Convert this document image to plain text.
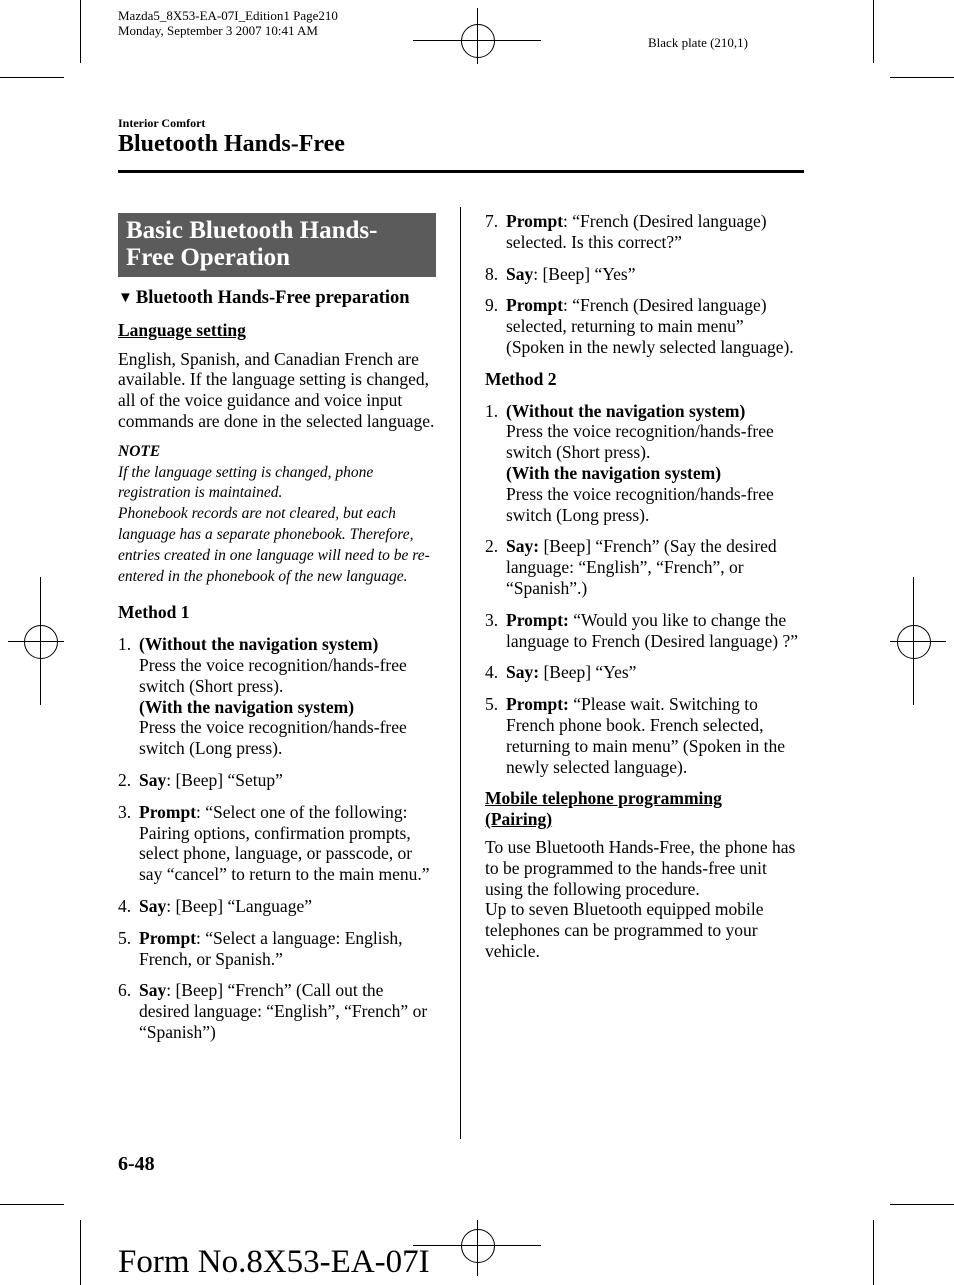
Mazda5_8X53-EA-07I_Edition1 Page210
Monday, September 3 2007 10:41 AM
Black plate (210,1)
Interior Comfort
Bluetooth Hands-Free
Basic Bluetooth Hands-
Free Operation
▼ Bluetooth Hands-Free preparation

Language setting

English, Spanish, and Canadian French are available. If the language setting is changed, all of the voice guidance and voice input commands are done in the selected language.

NOTE

If the language setting is changed, phone registration is maintained.

Phonebook records are not cleared, but each language has a separate phonebook. Therefore, entries created in one language will need to be re-entered in the phonebook of the new language.

Method 1

1. (Without the navigation system)
Press the voice recognition/hands-free switch (Short press).
(With the navigation system)
Press the voice recognition/hands-free switch (Long press).
2. Say: [Beep] “Setup”
3. Prompt: “Select one of the following: Pairing options, confirmation prompts, select phone, language, or passcode, or say “cancel” to return to the main menu.”
4. Say: [Beep] “Language”
5. Prompt: “Select a language: English, French, or Spanish.”
6. Say: [Beep] “French” (Call out the desired language: “English”, “French” or “Spanish”)
7. Prompt: “French (Desired language) selected. Is this correct?”
8. Say: [Beep] “Yes”
9. Prompt: “French (Desired language) selected, returning to main menu” (Spoken in the newly selected language).

Method 2

1. (Without the navigation system)
Press the voice recognition/hands-free switch (Short press).
(With the navigation system)
Press the voice recognition/hands-free switch (Long press).
2. Say: [Beep] “French” (Say the desired language: “English”, “French”, or “Spanish”.)
3. Prompt: “Would you like to change the language to French (Desired language) ?”
4. Say: [Beep] “Yes”
5. Prompt: “Please wait. Switching to French phone book. French selected, returning to main menu” (Spoken in the newly selected language).
Mobile telephone programming
(Pairing)

To use Bluetooth Hands-Free, the phone has to be programmed to the hands-free unit using the following procedure.

Up to seven Bluetooth equipped mobile telephones can be programmed to your vehicle.

6-48
Form No.8X53-EA-07I
